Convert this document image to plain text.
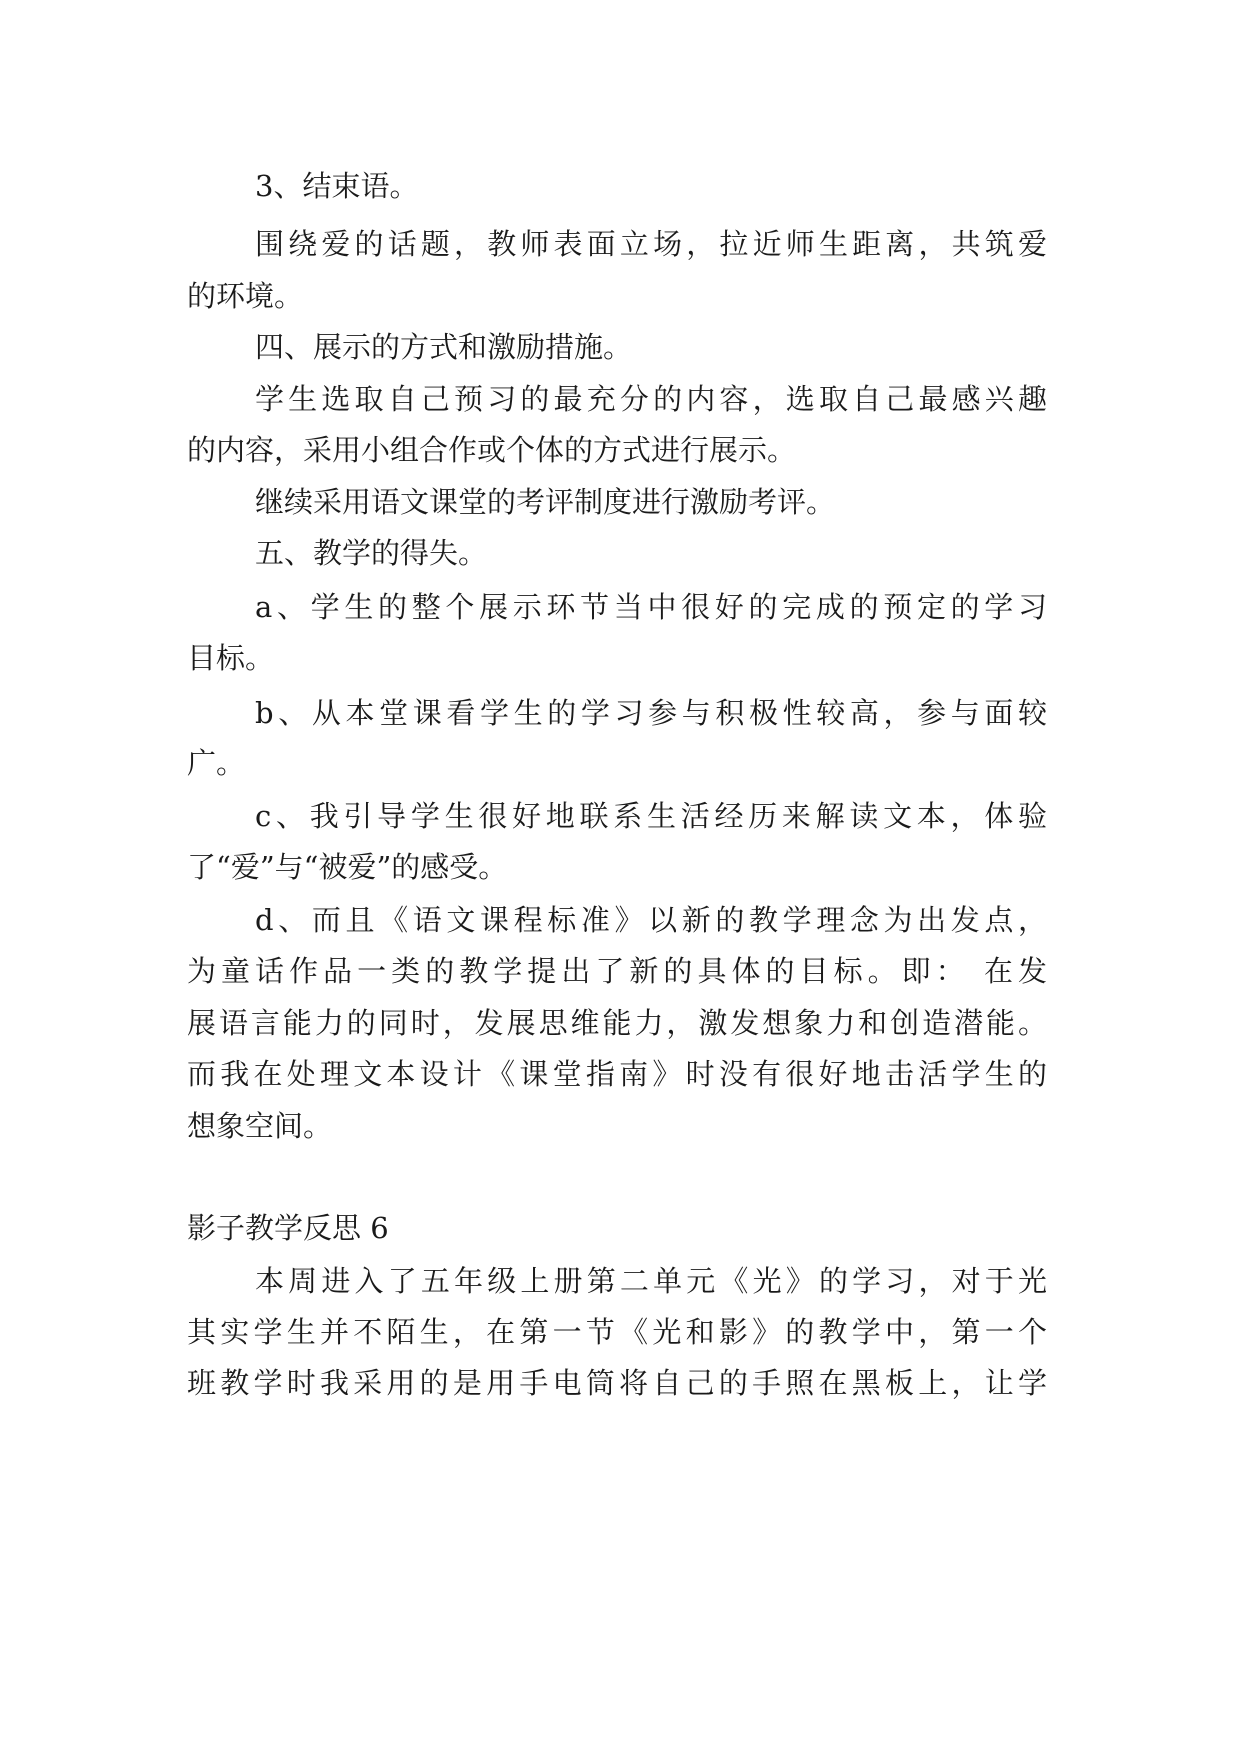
3、结束语。
围绕爱的话题，教师表面立场，拉近师生距离，共筑爱
的环境。
四、展示的方式和激励措施。
学生选取自己预习的最充分的内容，选取自己最感兴趣
的内容，采用小组合作或个体的方式进行展示。
继续采用语文课堂的考评制度进行激励考评。
五、教学的得失。
a、学生的整个展示环节当中很好的完成的预定的学习
目标。
b、从本堂课看学生的学习参与积极性较高，参与面较
广。
c、我引导学生很好地联系生活经历来解读文本，体验
了“爱”与“被爱”的感受。
d、而且《语文课程标准》以新的教学理念为出发点，
为童话作品一类的教学提出了新的具体的目标。即： 在发
展语言能力的同时，发展思维能力，激发想象力和创造潜能。
而我在处理文本设计《课堂指南》时没有很好地击活学生的
想象空间。
影子教学反思 6
本周进入了五年级上册第二单元《光》的学习，对于光
其实学生并不陌生，在第一节《光和影》的教学中，第一个
班教学时我采用的是用手电筒将自己的手照在黑板上，让学
